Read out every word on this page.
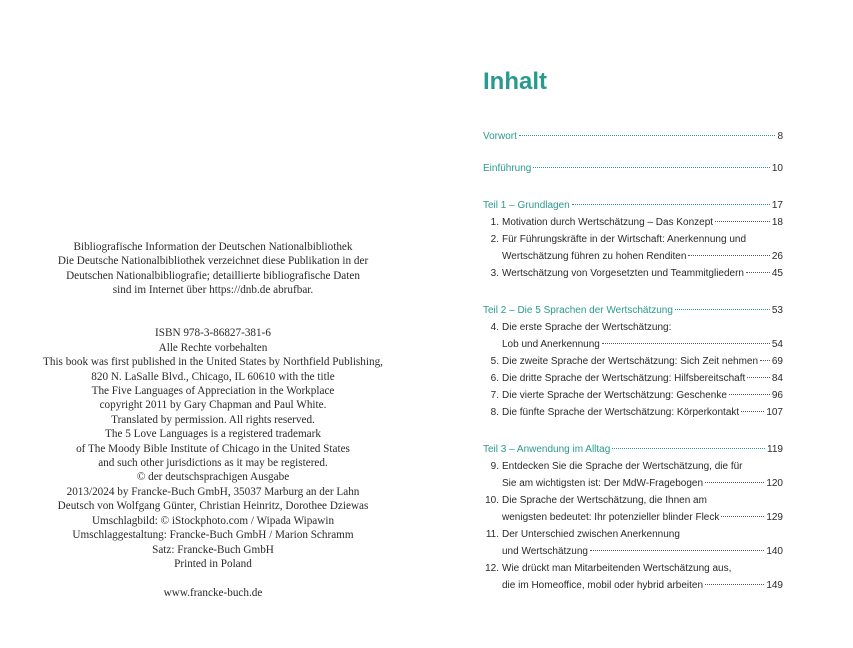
Bibliografische Information der Deutschen Nationalbibliothek
Die Deutsche Nationalbibliothek verzeichnet diese Publikation in der
Deutschen Nationalbibliografie; detaillierte bibliografische Daten
sind im Internet über https://dnb.de abrufbar.
ISBN 978-3-86827-381-6
Alle Rechte vorbehalten
This book was first published in the United States by Northfield Publishing,
820 N. LaSalle Blvd., Chicago, IL 60610 with the title
The Five Languages of Appreciation in the Workplace
copyright 2011 by Gary Chapman and Paul White.
Translated by permission. All rights reserved.
The 5 Love Languages is a registered trademark
of The Moody Bible Institute of Chicago in the United States
and such other jurisdictions as it may be registered.
© der deutschsprachigen Ausgabe
2013/2024 by Francke-Buch GmbH, 35037 Marburg an der Lahn
Deutsch von Wolfgang Günter, Christian Heinritz, Dorothee Dziewas
Umschlagbild: © iStockphoto.com / Wipada Wipawin
Umschlaggestaltung: Francke-Buch GmbH / Marion Schramm
Satz: Francke-Buch GmbH
Printed in Poland
www.francke-buch.de
Inhalt
Vorwort	8
Einführung	10
Teil 1 – Grundlagen	17
1. Motivation durch Wertschätzung – Das Konzept	18
2. Für Führungskräfte in der Wirtschaft: Anerkennung und
Wertschätzung führen zu hohen Renditen	26
3. Wertschätzung von Vorgesetzten und Teammitgliedern	45
Teil 2 – Die 5 Sprachen der Wertschätzung	53
4. Die erste Sprache der Wertschätzung:
Lob und Anerkennung	54
5. Die zweite Sprache der Wertschätzung: Sich Zeit nehmen 69
6. Die dritte Sprache der Wertschätzung: Hilfsbereitschaft	84
7. Die vierte Sprache der Wertschätzung: Geschenke	96
8. Die fünfte Sprache der Wertschätzung: Körperkontakt	107
Teil 3 – Anwendung im Alltag	119
9. Entdecken Sie die Sprache der Wertschätzung, die für
Sie am wichtigsten ist: Der MdW-Fragebogen	120
10. Die Sprache der Wertschätzung, die Ihnen am
wenigsten bedeutet: Ihr potenzieller blinder Fleck	129
11. Der Unterschied zwischen Anerkennung
und Wertschätzung	140
12. Wie drückt man Mitarbeitenden Wertschätzung aus,
die im Homeoffice, mobil oder hybrid arbeiten	149
